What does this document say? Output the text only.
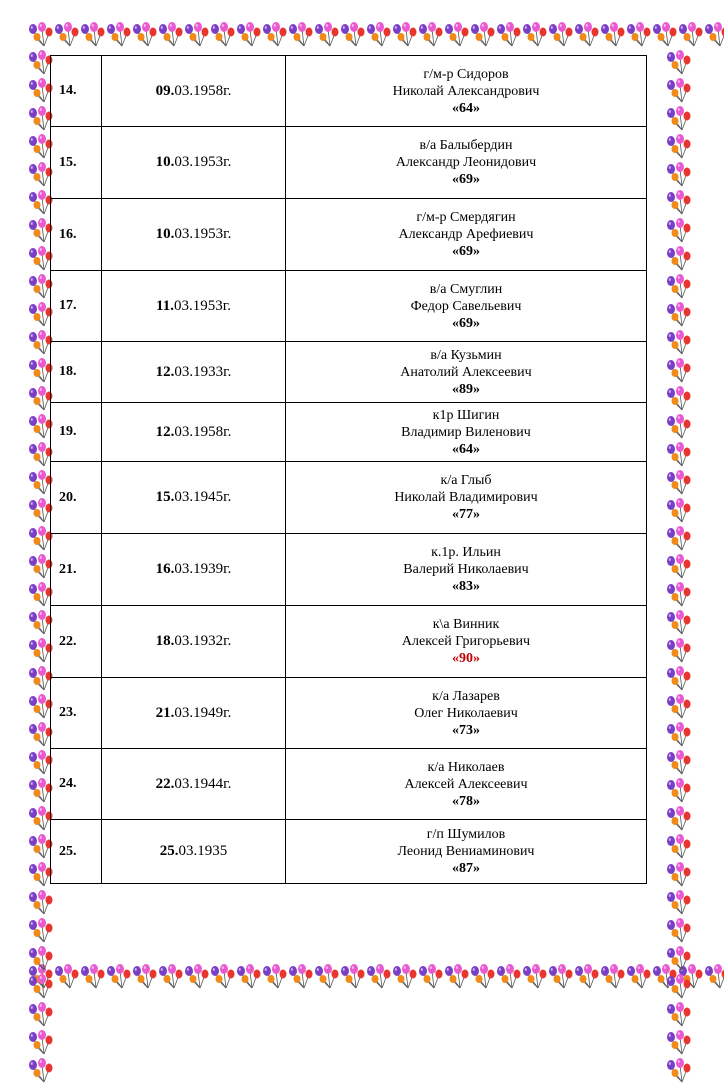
14.	09.03.1958г.	г/м-р Сидоров
Николай Александрович

«64»

15.	10.03.1953г.	в/а Балыбердин
Александр Леонидович

«69»

16.	10.03.1953г.	г/м-р Смердягин
Александр Арефиевич

«69»

17.	11.03.1953г.	в/а Смуглин
Федор Савельевич

«69»

18.	12.03.1933г.	в/а Кузьмин
Анатолий Алексеевич

«89»

19.	12.03.1958г.	к1р Шигин
Владимир Виленович

«64»

20.	15.03.1945г.	к/а Глыб
Николай Владимирович

«77»

21.	16.03.1939г.	к.1р. Ильин
Валерий Николаевич

«83»

22.	18.03.1932г.	к\а Винник
Алексей Григорьевич

«90»

23.	21.03.1949г.	к/а Лазарев
Олег Николаевич

«73»

24.	22.03.1944г.	к/а Николаев
Алексей Алексеевич

«78»

25.	25.03.1935	г/п Шумилов
Леонид Вениаминович

«87»
